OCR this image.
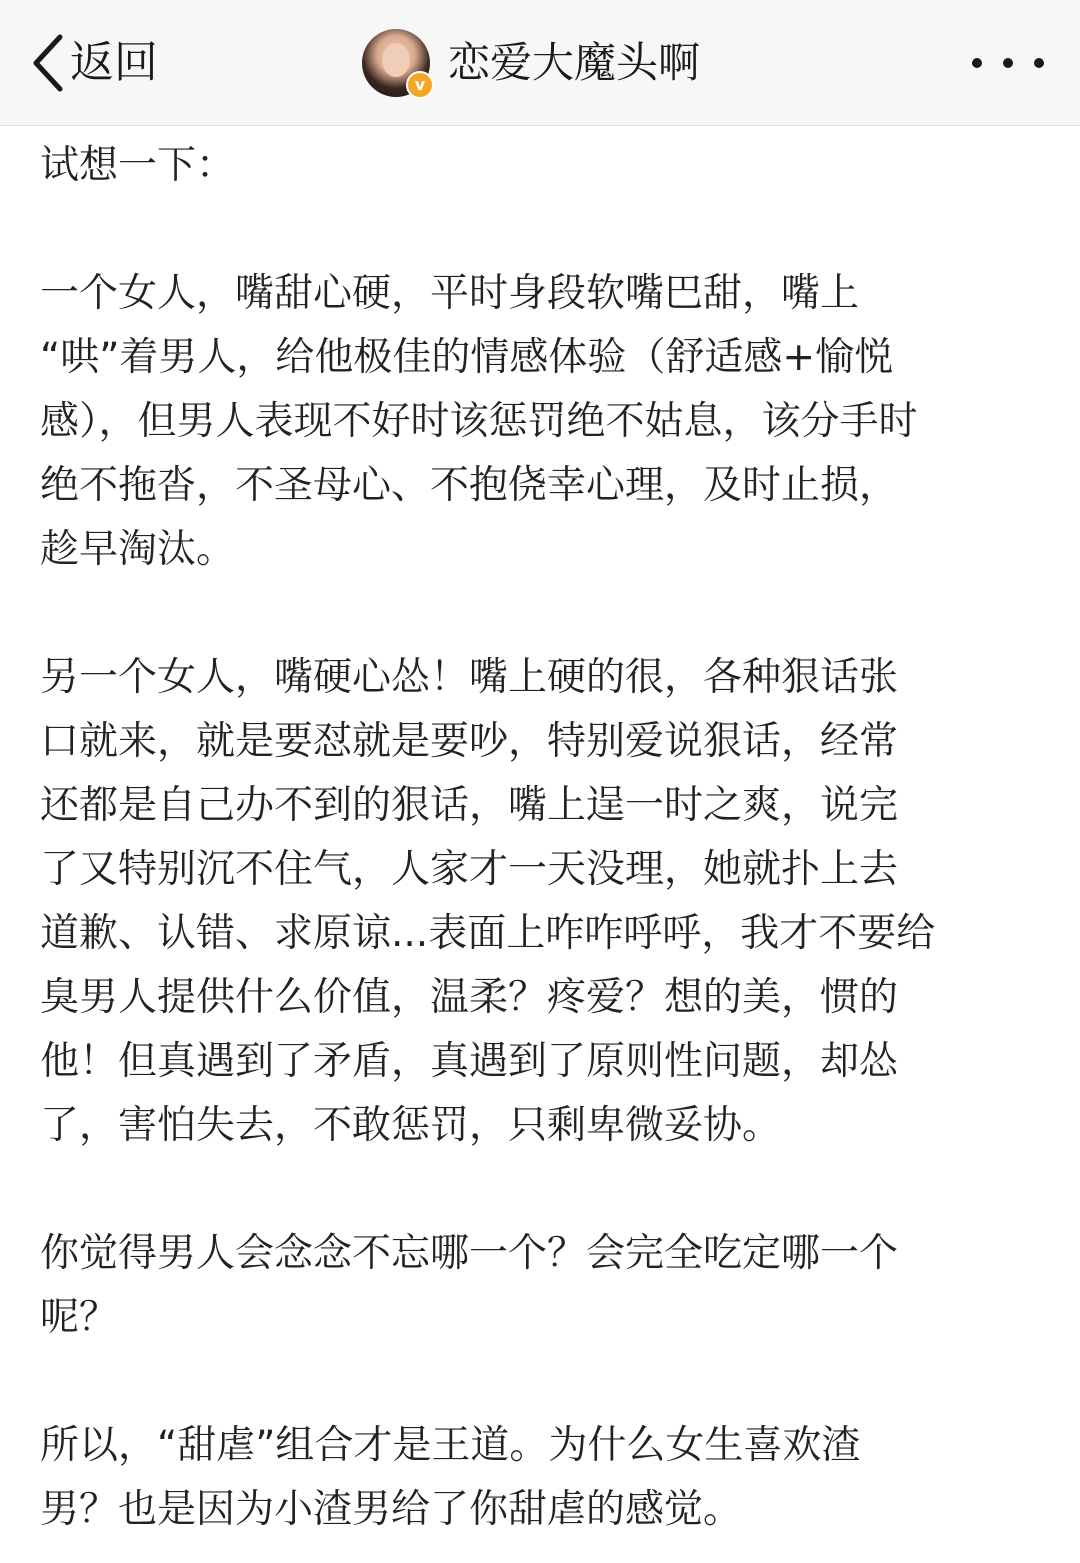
返回	v 恋爱大魔头啊

试想一下：

一个女人，嘴甜心硬，平时身段软嘴巴甜，嘴上
“哄”着男人，给他极佳的情感体验（舒适感+愉悦
感），但男人表现不好时该惩罚绝不姑息，该分手时
绝不拖沓，不圣母心、不抱侥幸心理，及时止损，
趁早淘汰。

另一个女人，嘴硬心怂！嘴上硬的很，各种狠话张
口就来，就是要怼就是要吵，特别爱说狠话，经常
还都是自己办不到的狠话，嘴上逞一时之爽，说完
了又特别沉不住气，人家才一天没理，她就扑上去
道歉、认错、求原谅...表面上咋咋呼呼，我才不要给
臭男人提供什么价值，温柔？疼爱？想的美，惯的
他！但真遇到了矛盾，真遇到了原则性问题，却怂
了，害怕失去，不敢惩罚，只剩卑微妥协。

你觉得男人会念念不忘哪一个？会完全吃定哪一个
呢？

所以，“甜虐”组合才是王道。为什么女生喜欢渣
男？也是因为小渣男给了你甜虐的感觉。
